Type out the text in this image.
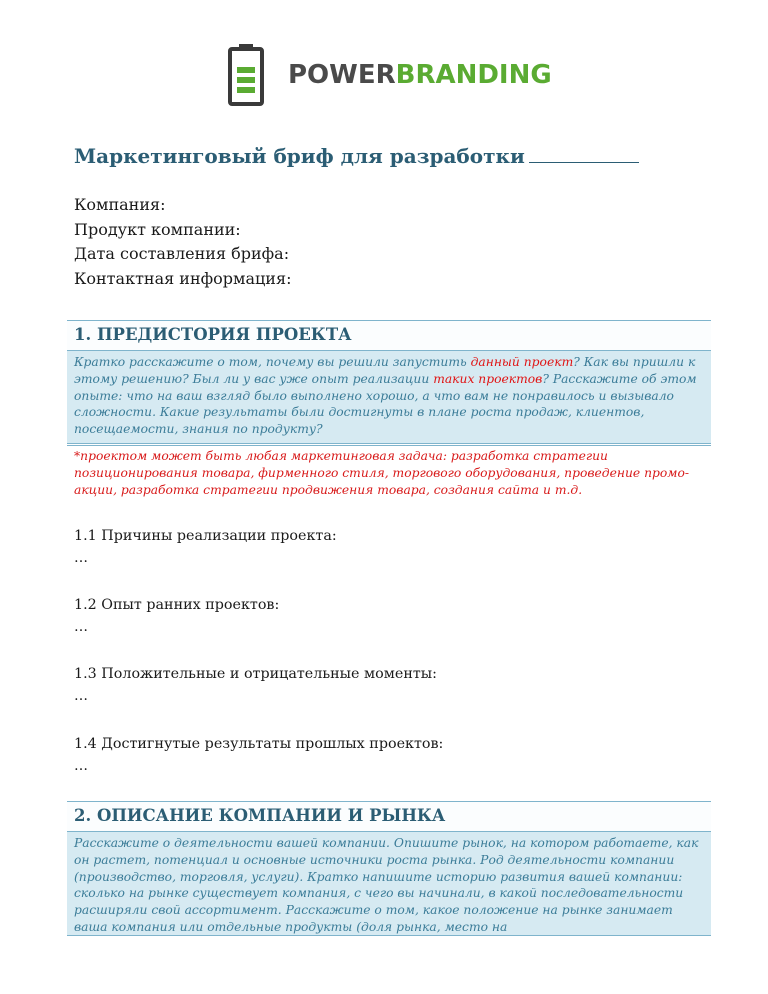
POWERBRANDING
Маркетинговый бриф для разработки
Компания:
Продукт компании:
Дата составления брифа:
Контактная информация:
1. ПРЕДИСТОРИЯ ПРОЕКТА
Кратко расскажите о том, почему вы решили запустить данный проект? Как вы пришли к этому решению? Был ли у вас уже опыт реализации таких проектов? Расскажите об этом опыте: что на ваш взгляд было выполнено хорошо, а что вам не понравилось и вызывало сложности. Какие результаты были достигнуты в плане роста продаж, клиентов, посещаемости, знания по продукту?
*проектом может быть любая маркетинговая задача: разработка стратегии позиционирования товара, фирменного стиля, торгового оборудования, проведение промо-акции, разработка стратегии продвижения товара, создания сайта и т.д.
1.1 Причины реализации проекта:
…
1.2 Опыт ранних проектов:
…
1.3 Положительные и отрицательные моменты:
…
1.4 Достигнутые результаты прошлых проектов:
…
2. ОПИСАНИЕ КОМПАНИИ И РЫНКА
Расскажите о деятельности вашей компании. Опишите рынок, на котором работаете, как он растет, потенциал и основные источники роста рынка. Род деятельности компании (производство, торговля, услуги). Кратко напишите историю развития вашей компании: сколько на рынке существует компания, с чего вы начинали, в какой последовательности расширяли свой ассортимент. Расскажите о том, какое положение на рынке занимает ваша компания или отдельные продукты (доля рынка, место на
